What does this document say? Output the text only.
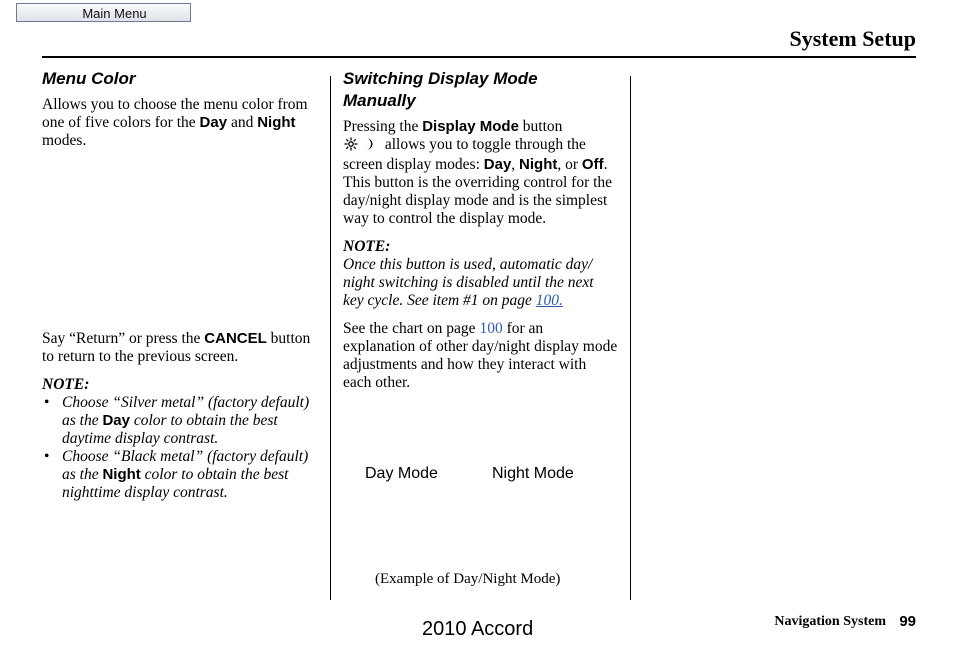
Main Menu
System Setup
Menu Color

Allows you to choose the menu color from one of five colors for the Day and Night modes.

Say “Return” or press the CANCEL button to return to the previous screen.

NOTE:

• Choose “Silver metal” (factory default) as the Day color to obtain the best daytime display contrast.
• Choose “Black metal” (factory default) as the Night color to obtain the best nighttime display contrast.
Switching Display Mode
Manually

Pressing the Display Mode button
allows you to toggle through the screen display modes: Day, Night, or Off. This button is the overriding control for the day/night display mode and is the simplest way to control the display mode.

NOTE:

Once this button is used, automatic day/ night switching is disabled until the next key cycle. See item #1 on page 100.

See the chart on page 100 for an explanation of other day/night display mode adjustments and how they interact with each other.

Day Mode	Night Mode
(Example of Day/Night Mode)
Navigation System 99
2010 Accord
